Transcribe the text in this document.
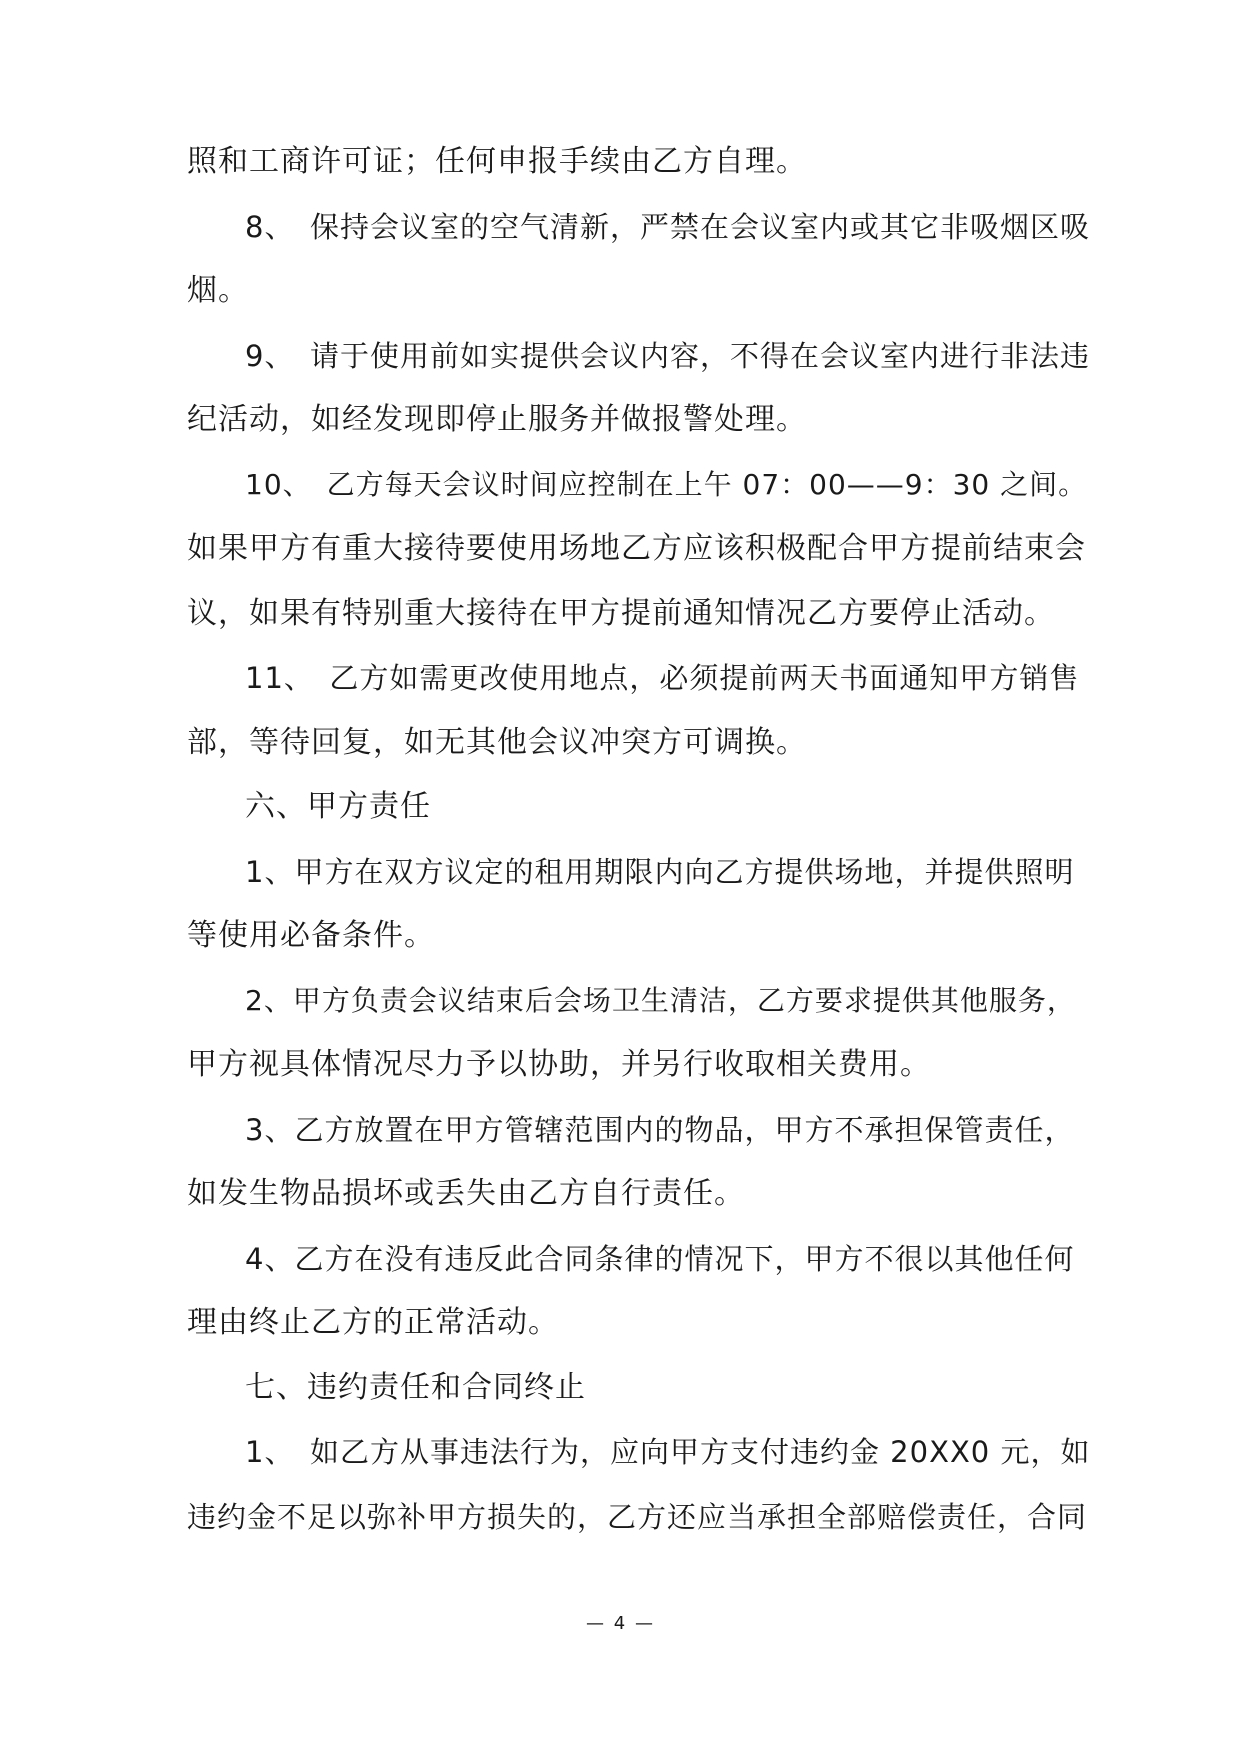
照和工商许可证；任何申报手续由乙方自理。
8、　保持会议室的空气清新，严禁在会议室内或其它非吸烟区吸
烟。
9、　请于使用前如实提供会议内容，不得在会议室内进行非法违
纪活动，如经发现即停止服务并做报警处理。
10、　乙方每天会议时间应控制在上午 07：00——9：30 之间。
如果甲方有重大接待要使用场地乙方应该积极配合甲方提前结束会
议，如果有特别重大接待在甲方提前通知情况乙方要停止活动。
11、　乙方如需更改使用地点，必须提前两天书面通知甲方销售
部，等待回复，如无其他会议冲突方可调换。
六、甲方责任
1、甲方在双方议定的租用期限内向乙方提供场地，并提供照明
等使用必备条件。
2、甲方负责会议结束后会场卫生清洁，乙方要求提供其他服务，
甲方视具体情况尽力予以协助，并另行收取相关费用。
3、乙方放置在甲方管辖范围内的物品，甲方不承担保管责任，
如发生物品损坏或丢失由乙方自行责任。
4、乙方在没有违反此合同条律的情况下，甲方不很以其他任何
理由终止乙方的正常活动。
七、违约责任和合同终止
1、　如乙方从事违法行为，应向甲方支付违约金 20XX0 元，如
违约金不足以弥补甲方损失的，乙方还应当承担全部赔偿责任，合同
— 4 —
